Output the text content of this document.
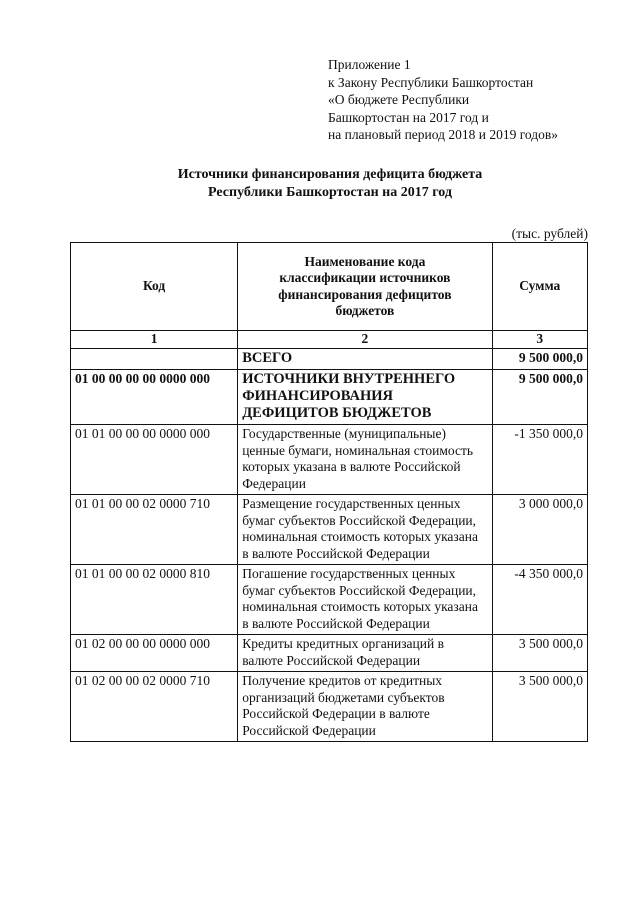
Приложение 1
к Закону Республики Башкортостан
«О бюджете Республики
Башкортостан на 2017 год и
на плановый период 2018 и 2019 годов»
Источники финансирования дефицита бюджета
Республики Башкортостан на 2017 год
(тыс. рублей)
Код	Наименование кода классификации источников финансирования дефицитов бюджетов	Сумма
1	2	3
	ВСЕГО	9 500 000,0
01 00 00 00 00 0000 000	ИСТОЧНИКИ ВНУТРЕННЕГО ФИНАНСИРОВАНИЯ ДЕФИЦИТОВ БЮДЖЕТОВ	9 500 000,0
01 01 00 00 00 0000 000	Государственные (муниципальные) ценные бумаги, номинальная стоимость которых указана в валюте Российской Федерации	-1 350 000,0
01 01 00 00 02 0000 710	Размещение государственных ценных бумаг субъектов Российской Федерации, номинальная стоимость которых указана в валюте Российской Федерации	3 000 000,0
01 01 00 00 02 0000 810	Погашение государственных ценных бумаг субъектов Российской Федерации, номинальная стоимость которых указана в валюте Российской Федерации	-4 350 000,0
01 02 00 00 00 0000 000	Кредиты кредитных организаций в валюте Российской Федерации	3 500 000,0
01 02 00 00 02 0000 710	Получение кредитов от кредитных организаций бюджетами субъектов Российской Федерации в валюте Российской Федерации	3 500 000,0
